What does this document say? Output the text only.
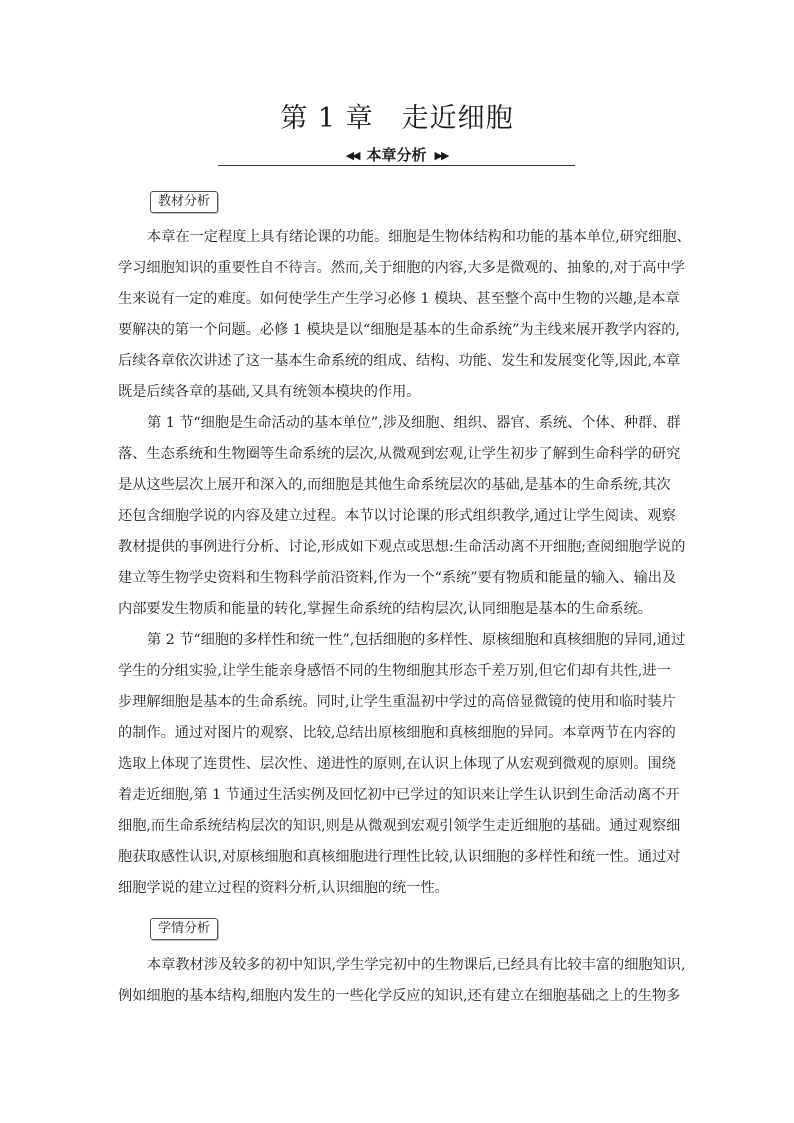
第 1 章　走近细胞
◀◀ 本章分析 ▶▶
教材分析
本章在一定程度上具有绪论课的功能。细胞是生物体结构和功能的基本单位,研究细胞、
学习细胞知识的重要性自不待言。然而,关于细胞的内容,大多是微观的、抽象的,对于高中学
生来说有一定的难度。如何使学生产生学习必修 1 模块、甚至整个高中生物的兴趣,是本章
要解决的第一个问题。必修 1 模块是以“细胞是基本的生命系统”为主线来展开教学内容的,
后续各章依次讲述了这一基本生命系统的组成、结构、功能、发生和发展变化等,因此,本章
既是后续各章的基础,又具有统领本模块的作用。
第 1 节“细胞是生命活动的基本单位”,涉及细胞、组织、器官、系统、个体、种群、群
落、生态系统和生物圈等生命系统的层次,从微观到宏观,让学生初步了解到生命科学的研究
是从这些层次上展开和深入的,而细胞是其他生命系统层次的基础,是基本的生命系统,其次
还包含细胞学说的内容及建立过程。本节以讨论课的形式组织教学,通过让学生阅读、观察
教材提供的事例进行分析、讨论,形成如下观点或思想:生命活动离不开细胞;查阅细胞学说的
建立等生物学史资料和生物科学前沿资料,作为一个“系统”要有物质和能量的输入、输出及
内部要发生物质和能量的转化,掌握生命系统的结构层次,认同细胞是基本的生命系统。
第 2 节“细胞的多样性和统一性”,包括细胞的多样性、原核细胞和真核细胞的异同,通过
学生的分组实验,让学生能亲身感悟不同的生物细胞其形态千差万别,但它们却有共性,进一
步理解细胞是基本的生命系统。同时,让学生重温初中学过的高倍显微镜的使用和临时装片
的制作。通过对图片的观察、比较,总结出原核细胞和真核细胞的异同。本章两节在内容的
选取上体现了连贯性、层次性、递进性的原则,在认识上体现了从宏观到微观的原则。围绕
着走近细胞,第 1 节通过生活实例及回忆初中已学过的知识来让学生认识到生命活动离不开
细胞,而生命系统结构层次的知识,则是从微观到宏观引领学生走近细胞的基础。通过观察细
胞获取感性认识,对原核细胞和真核细胞进行理性比较,认识细胞的多样性和统一性。通过对
细胞学说的建立过程的资料分析,认识细胞的统一性。
学情分析
本章教材涉及较多的初中知识,学生学完初中的生物课后,已经具有比较丰富的细胞知识,
例如细胞的基本结构,细胞内发生的一些化学反应的知识,还有建立在细胞基础之上的生物多
